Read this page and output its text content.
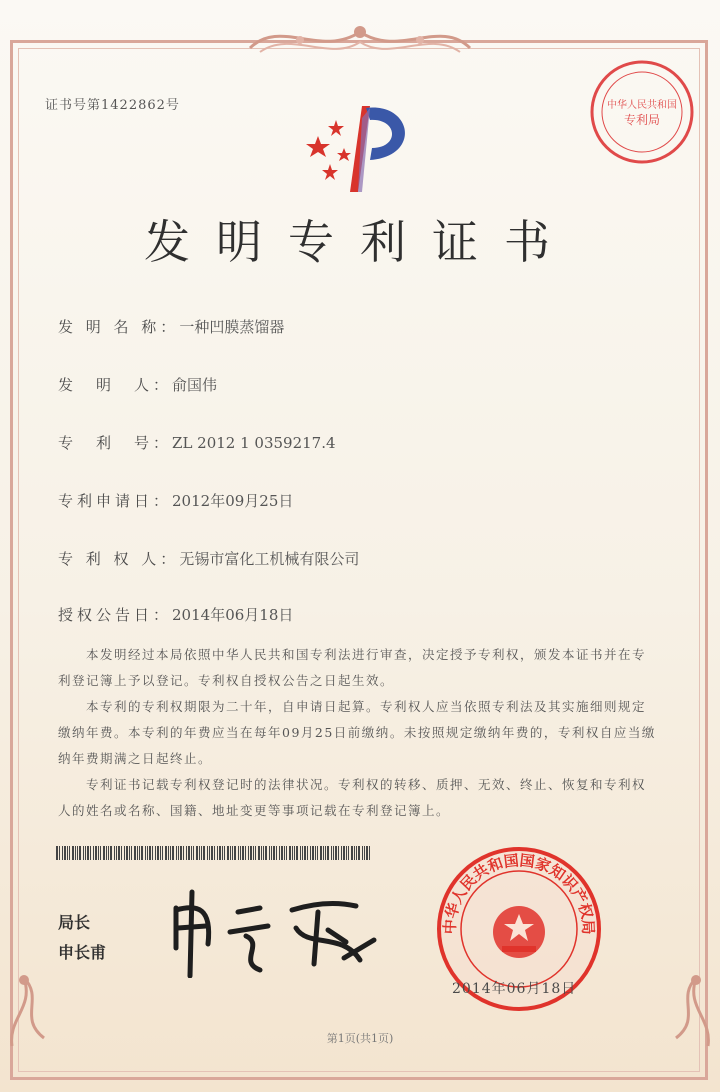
证书号第1422862号	中华人民共和国
专利局
发明专利证书
发 明 名 称：一种凹膜蒸馏器
发　明　人：俞国伟
专　利　号：ZL 2012 1 0359217.4
专利申请日：2012年09月25日
专 利 权 人：无锡市富化工机械有限公司
授权公告日：2014年06月18日

本发明经过本局依照中华人民共和国专利法进行审查，决定授予专利权，颁发本证书并在专利登记簿上予以登记。专利权自授权公告之日起生效。

本专利的专利权期限为二十年，自申请日起算。专利权人应当依照专利法及其实施细则规定缴纳年费。本专利的年费应当在每年09月25日前缴纳。未按照规定缴纳年费的，专利权自应当缴纳年费期满之日起终止。

专利证书记载专利权登记时的法律状况。专利权的转移、质押、无效、终止、恢复和专利权人的姓名或名称、国籍、地址变更等事项记载在专利登记簿上。

局长
申长甫
中华人民共和国国家知识产权局
2014年06月18日
第1页(共1页)
